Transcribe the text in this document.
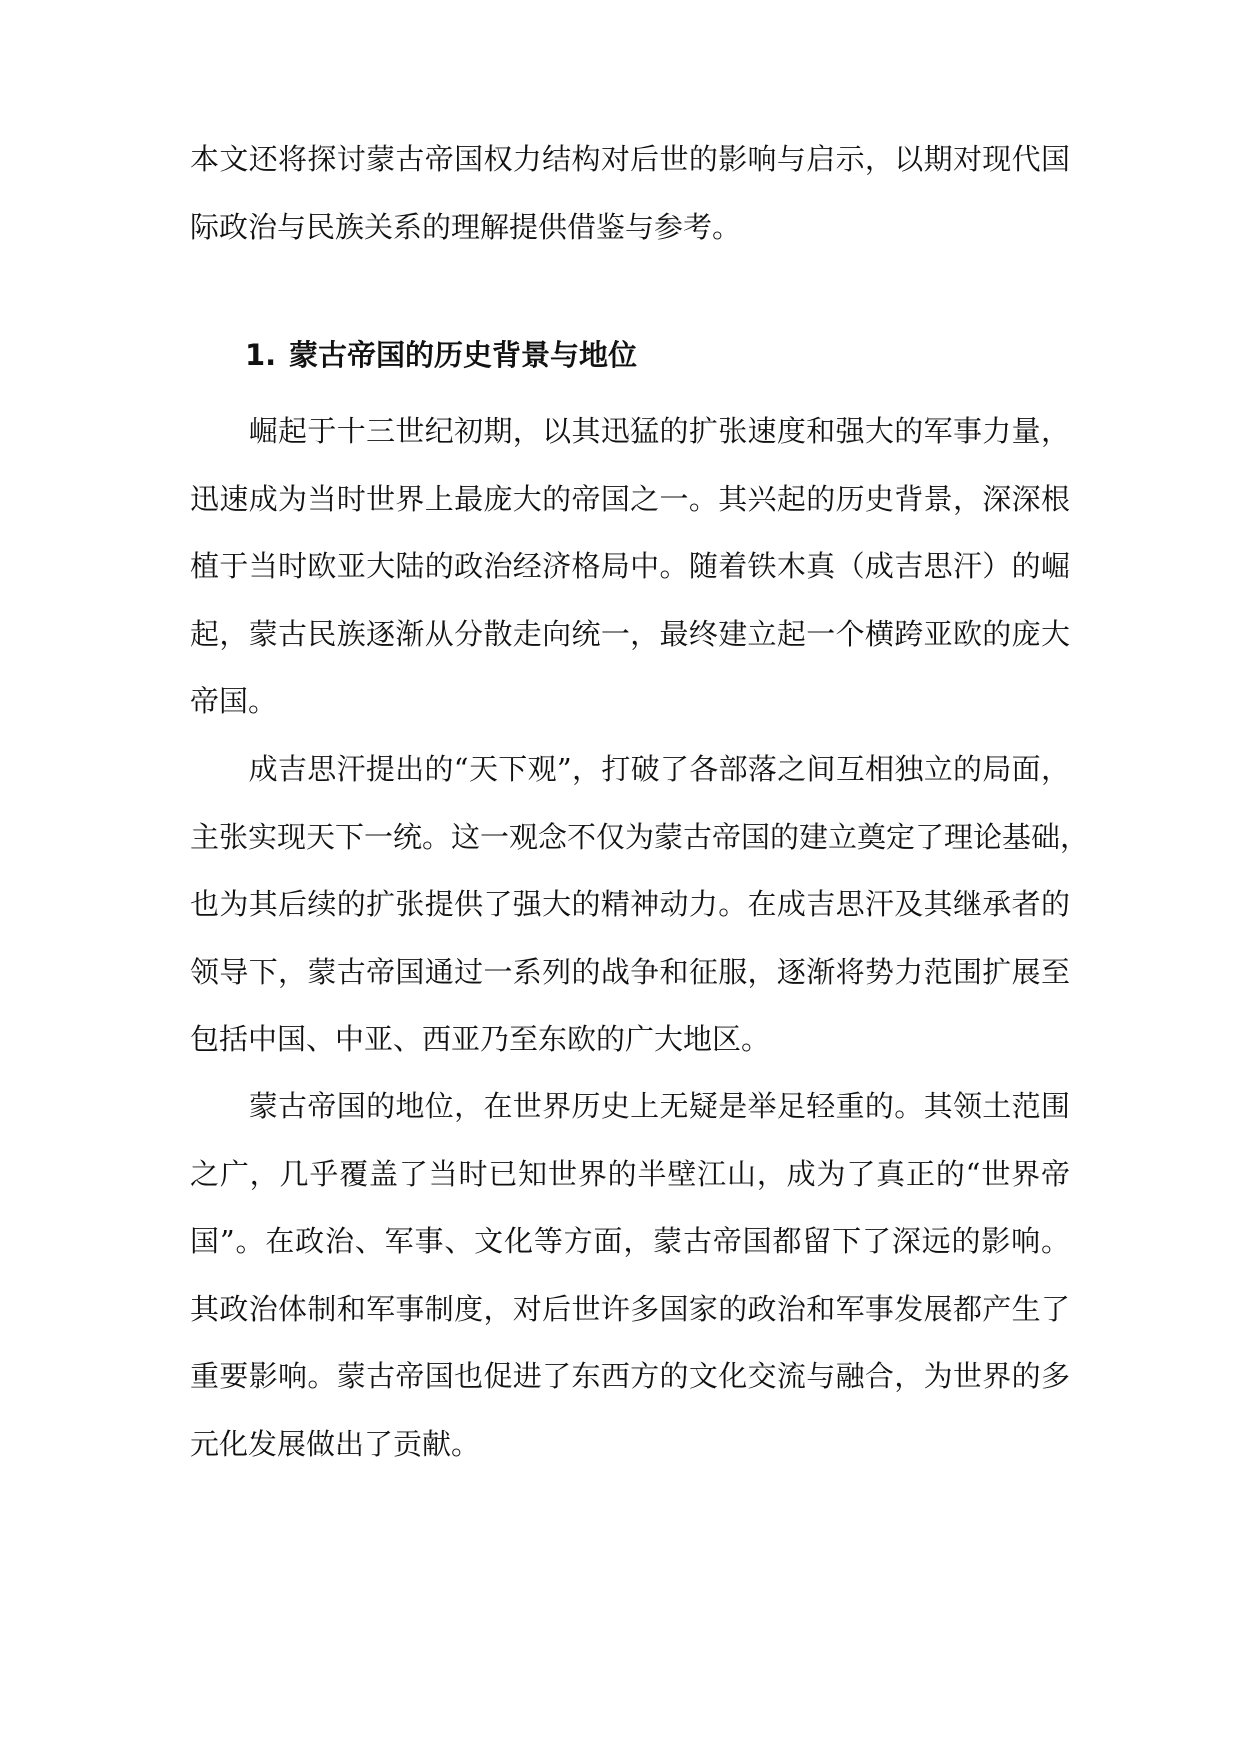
本文还将探讨蒙古帝国权力结构对后世的影响与启示，以期对现代国
际政治与民族关系的理解提供借鉴与参考。
1. 蒙古帝国的历史背景与地位
　　崛起于十三世纪初期，以其迅猛的扩张速度和强大的军事力量，
迅速成为当时世界上最庞大的帝国之一。其兴起的历史背景，深深根
植于当时欧亚大陆的政治经济格局中。随着铁木真（成吉思汗）的崛
起，蒙古民族逐渐从分散走向统一，最终建立起一个横跨亚欧的庞大
帝国。
　　成吉思汗提出的“天下观”，打破了各部落之间互相独立的局面，
主张实现天下一统。这一观念不仅为蒙古帝国的建立奠定了理论基础，
也为其后续的扩张提供了强大的精神动力。在成吉思汗及其继承者的
领导下，蒙古帝国通过一系列的战争和征服，逐渐将势力范围扩展至
包括中国、中亚、西亚乃至东欧的广大地区。
　　蒙古帝国的地位，在世界历史上无疑是举足轻重的。其领土范围
之广，几乎覆盖了当时已知世界的半壁江山，成为了真正的“世界帝
国”。在政治、军事、文化等方面，蒙古帝国都留下了深远的影响。
其政治体制和军事制度，对后世许多国家的政治和军事发展都产生了
重要影响。蒙古帝国也促进了东西方的文化交流与融合，为世界的多
元化发展做出了贡献。
